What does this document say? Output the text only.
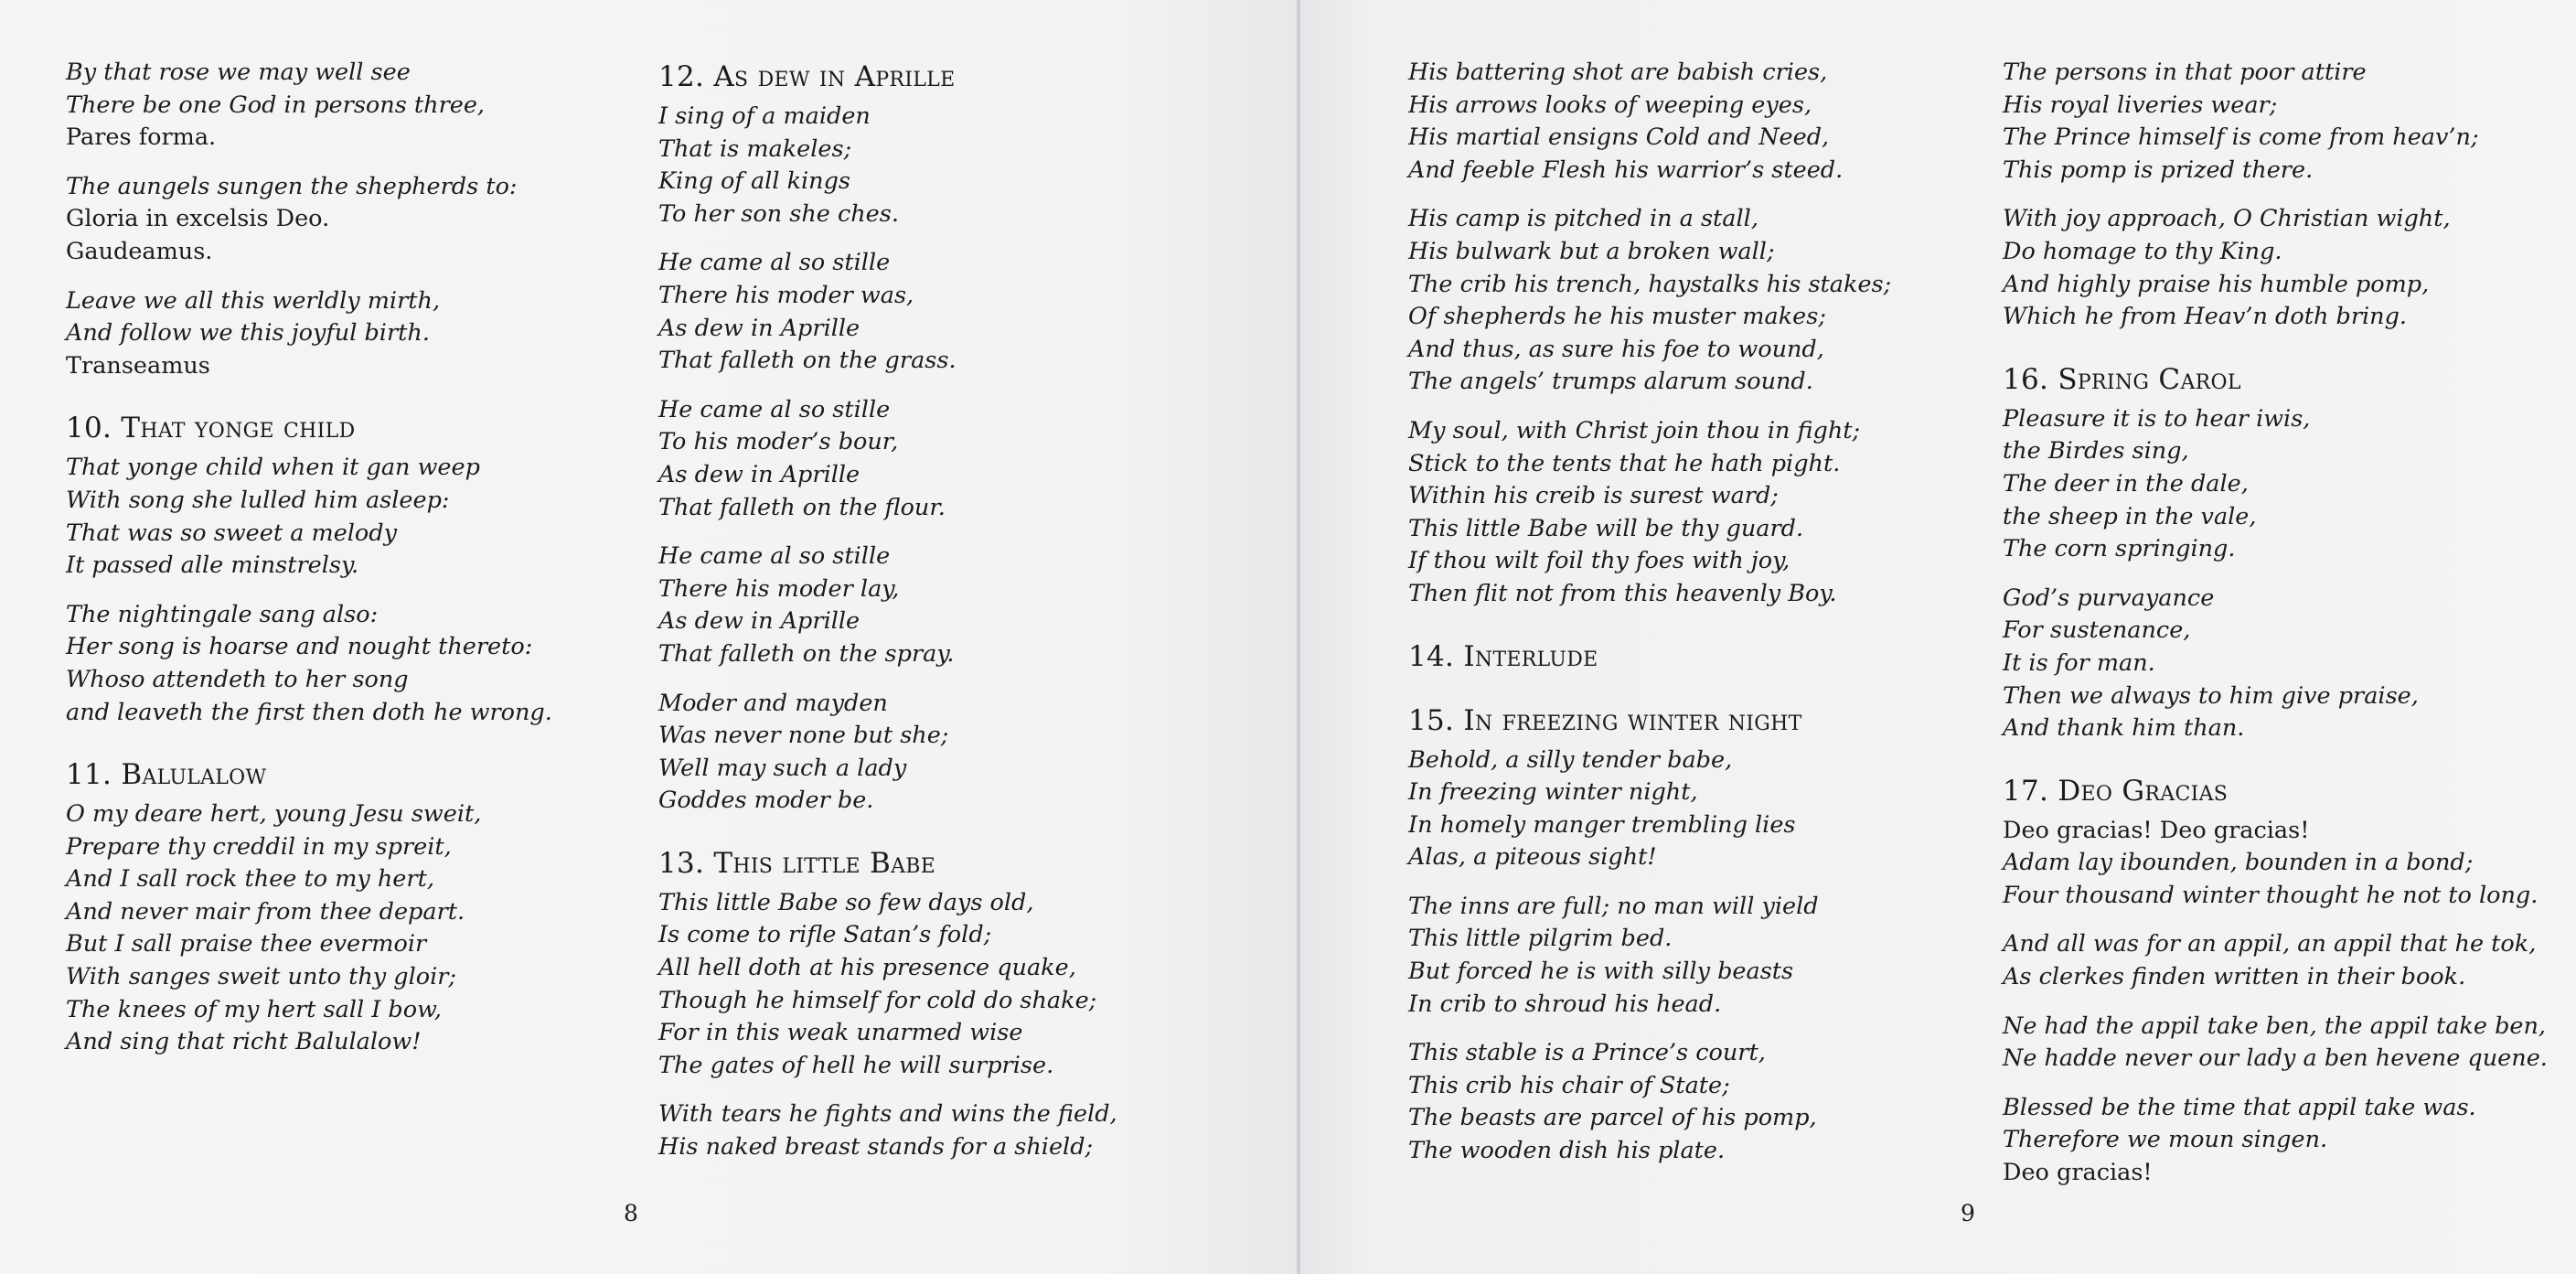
By that rose we may well see
There be one God in persons three,
Pares forma.
The aungels sungen the shepherds to:
Gloria in excelsis Deo.
Gaudeamus.
Leave we all this werldly mirth,
And follow we this joyful birth.
Transeamus
10. That yonge child
That yonge child when it gan weep
With song she lulled him asleep:
That was so sweet a melody
It passed alle minstrelsy.
The nightingale sang also:
Her song is hoarse and nought thereto:
Whoso attendeth to her song
and leaveth the first then doth he wrong.
11. Balulalow
O my deare hert, young Jesu sweit,
Prepare thy creddil in my spreit,
And I sall rock thee to my hert,
And never mair from thee depart.
But I sall praise thee evermoir
With sanges sweit unto thy gloir;
The knees of my hert sall I bow,
And sing that richt Balulalow!
12. As dew in Aprille
I sing of a maiden
That is makeles;
King of all kings
To her son she ches.
He came al so stille
There his moder was,
As dew in Aprille
That falleth on the grass.
He came al so stille
To his moder’s bour,
As dew in Aprille
That falleth on the flour.
He came al so stille
There his moder lay,
As dew in Aprille
That falleth on the spray.
Moder and mayden
Was never none but she;
Well may such a lady
Goddes moder be.
13. This little Babe
This little Babe so few days old,
Is come to rifle Satan’s fold;
All hell doth at his presence quake,
Though he himself for cold do shake;
For in this weak unarmed wise
The gates of hell he will surprise.
With tears he fights and wins the field,
His naked breast stands for a shield;
8
His battering shot are babish cries,
His arrows looks of weeping eyes,
His martial ensigns Cold and Need,
And feeble Flesh his warrior’s steed.
His camp is pitched in a stall,
His bulwark but a broken wall;
The crib his trench, haystalks his stakes;
Of shepherds he his muster makes;
And thus, as sure his foe to wound,
The angels’ trumps alarum sound.
My soul, with Christ join thou in fight;
Stick to the tents that he hath pight.
Within his creib is surest ward;
This little Babe will be thy guard.
If thou wilt foil thy foes with joy,
Then flit not from this heavenly Boy.
14. Interlude
15. In freezing winter night
Behold, a silly tender babe,
In freezing winter night,
In homely manger trembling lies
Alas, a piteous sight!
The inns are full; no man will yield
This little pilgrim bed.
But forced he is with silly beasts
In crib to shroud his head.
This stable is a Prince’s court,
This crib his chair of State;
The beasts are parcel of his pomp,
The wooden dish his plate.
The persons in that poor attire
His royal liveries wear;
The Prince himself is come from heav’n;
This pomp is prized there.
With joy approach, O Christian wight,
Do homage to thy King.
And highly praise his humble pomp,
Which he from Heav’n doth bring.
16. Spring Carol
Pleasure it is to hear iwis,
the Birdes sing,
The deer in the dale,
the sheep in the vale,
The corn springing.
God’s purvayance
For sustenance,
It is for man.
Then we always to him give praise,
And thank him than.
17. Deo Gracias
Deo gracias! Deo gracias!
Adam lay ibounden, bounden in a bond;
Four thousand winter thought he not to long.
And all was for an appil, an appil that he tok,
As clerkes finden written in their book.
Ne had the appil take ben, the appil take ben,
Ne hadde never our lady a ben hevene quene.
Blessed be the time that appil take was.
Therefore we moun singen.
Deo gracias!
9
